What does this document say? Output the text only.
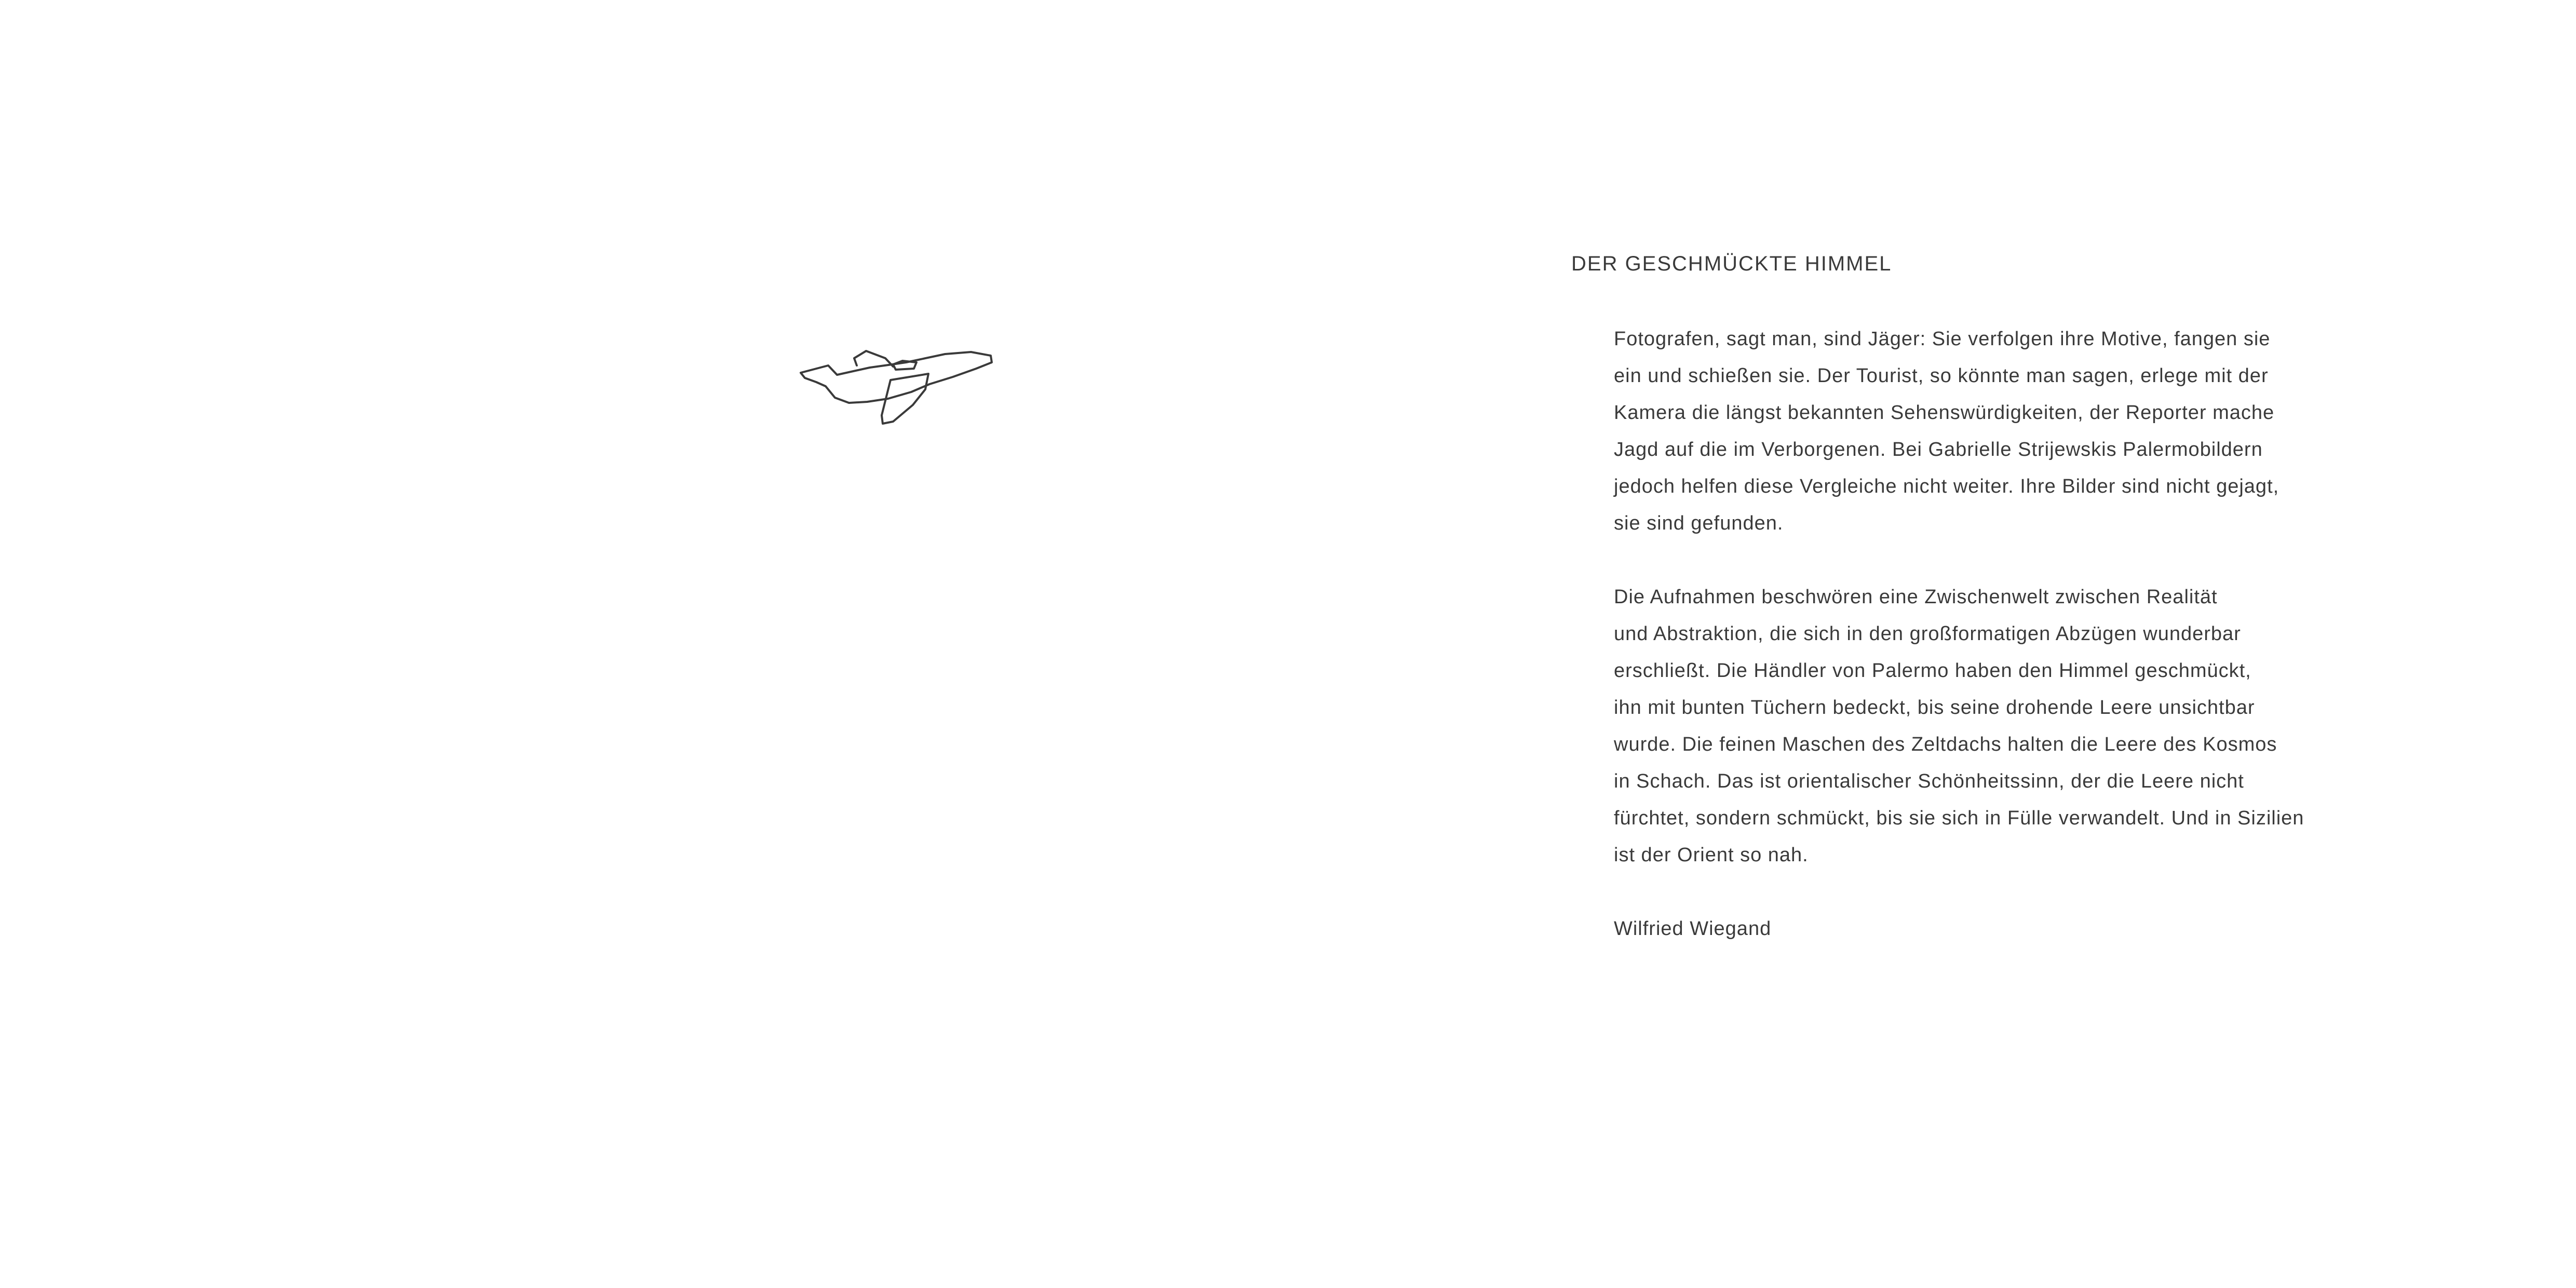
DER GESCHMÜCKTE HIMMEL

Fotografen, sagt man, sind Jäger: Sie verfolgen ihre Motive, fangen sie
ein und schießen sie. Der Tourist, so könnte man sagen, erlege mit der
Kamera die längst bekannten Sehenswürdigkeiten, der Reporter mache
Jagd auf die im Verborgenen. Bei Gabrielle Strijewskis Palermobildern
jedoch helfen diese Vergleiche nicht weiter. Ihre Bilder sind nicht gejagt,
sie sind gefunden.

Die Aufnahmen beschwören eine Zwischenwelt zwischen Realität
und Abstraktion, die sich in den großformatigen Abzügen wunderbar
erschließt. Die Händler von Palermo haben den Himmel geschmückt,
ihn mit bunten Tüchern bedeckt, bis seine drohende Leere unsichtbar
wurde. Die feinen Maschen des Zeltdachs halten die Leere des Kosmos
in Schach. Das ist orientalischer Schönheitssinn, der die Leere nicht
fürchtet, sondern schmückt, bis sie sich in Fülle verwandelt. Und in Sizilien
ist der Orient so nah.

Wilfried Wiegand
